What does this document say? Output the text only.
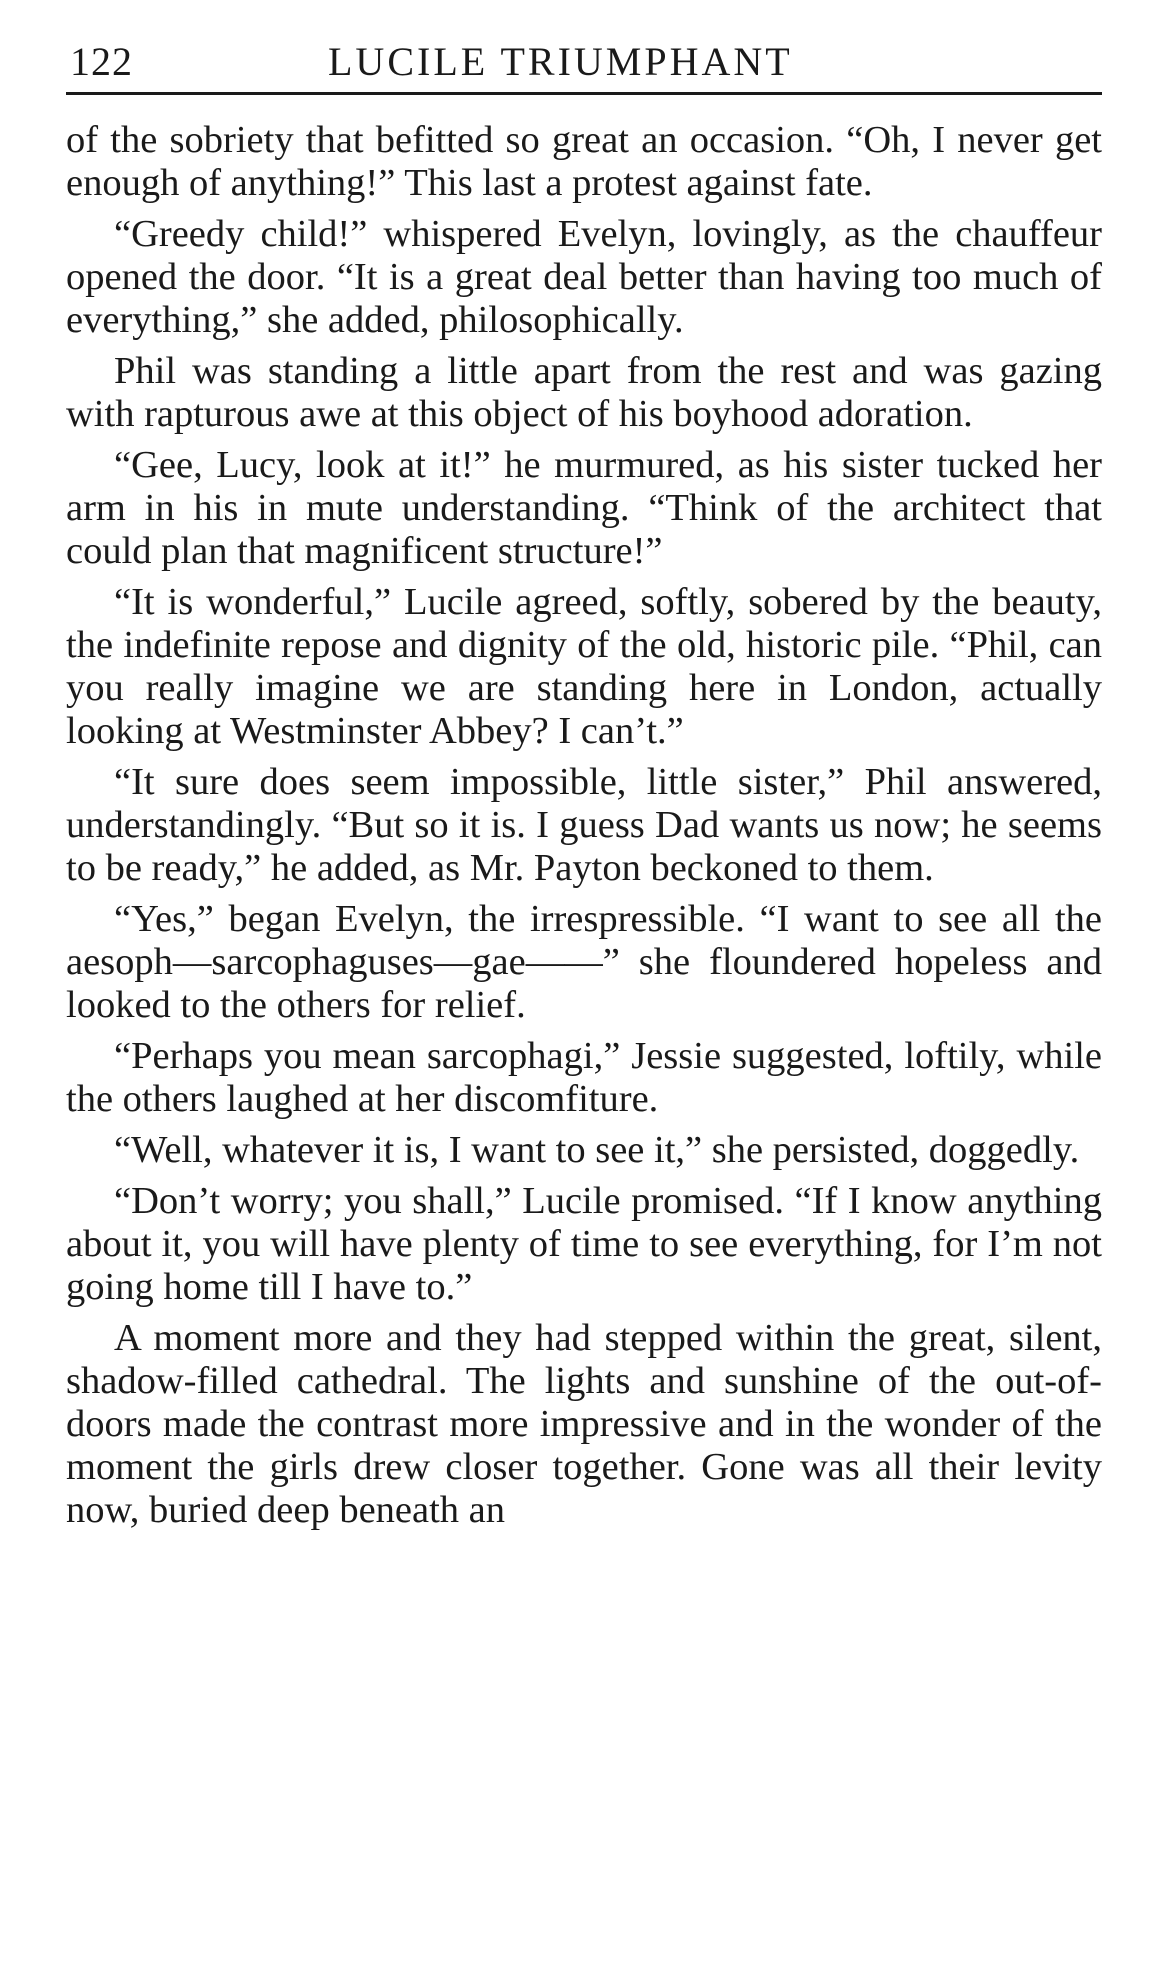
122	LUCILE TRIUMPHANT

of the sobriety that befitted so great an occasion. “Oh, I never get enough of anything!” This last a protest against fate.

“Greedy child!” whispered Evelyn, lovingly, as the chauffeur opened the door. “It is a great deal better than having too much of everything,” she added, philosophically.

Phil was standing a little apart from the rest and was gazing with rapturous awe at this object of his boyhood adoration.

“Gee, Lucy, look at it!” he murmured, as his sister tucked her arm in his in mute understanding. “Think of the architect that could plan that magnificent structure!”

“It is wonderful,” Lucile agreed, softly, sobered by the beauty, the indefinite repose and dignity of the old, historic pile. “Phil, can you really imagine we are standing here in London, actually looking at Westminster Abbey? I can’t.”

“It sure does seem impossible, little sister,” Phil answered, understandingly. “But so it is. I guess Dad wants us now; he seems to be ready,” he added, as Mr. Payton beckoned to them.

“Yes,” began Evelyn, the irrespressible. “I want to see all the aesoph—sarcophaguses—gae——” she floundered hopeless and looked to the others for relief.

“Perhaps you mean sarcophagi,” Jessie suggested, loftily, while the others laughed at her discomfiture.

“Well, whatever it is, I want to see it,” she persisted, doggedly.

“Don’t worry; you shall,” Lucile promised. “If I know anything about it, you will have plenty of time to see everything, for I’m not going home till I have to.”

A moment more and they had stepped within the great, silent, shadow-filled cathedral. The lights and sunshine of the out-of-doors made the contrast more impressive and in the wonder of the moment the girls drew closer together. Gone was all their levity now, buried deep beneath an
